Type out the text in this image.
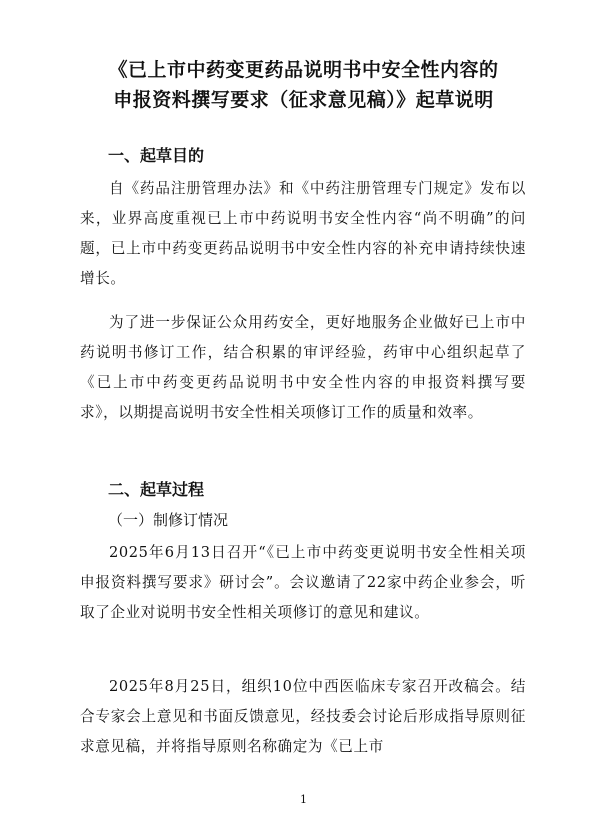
《已上市中药变更药品说明书中安全性内容的
申报资料撰写要求（征求意见稿）》起草说明
一、起草目的

自《药品注册管理办法》和《中药注册管理专门规定》发布以来，业界高度重视已上市中药说明书安全性内容“尚不明确”的问题，已上市中药变更药品说明书中安全性内容的补充申请持续快速增长。

为了进一步保证公众用药安全，更好地服务企业做好已上市中药说明书修订工作，结合积累的审评经验，药审中心组织起草了《已上市中药变更药品说明书中安全性内容的申报资料撰写要求》，以期提高说明书安全性相关项修订工作的质量和效率。

二、起草过程
（一）制修订情况

2025年6月13日召开“《已上市中药变更说明书安全性相关项申报资料撰写要求》研讨会”。会议邀请了22家中药企业参会，听取了企业对说明书安全性相关项修订的意见和建议。

2025年8月25日，组织10位中西医临床专家召开改稿会。结合专家会上意见和书面反馈意见，经技委会讨论后形成指导原则征求意见稿，并将指导原则名称确定为《已上市

1
